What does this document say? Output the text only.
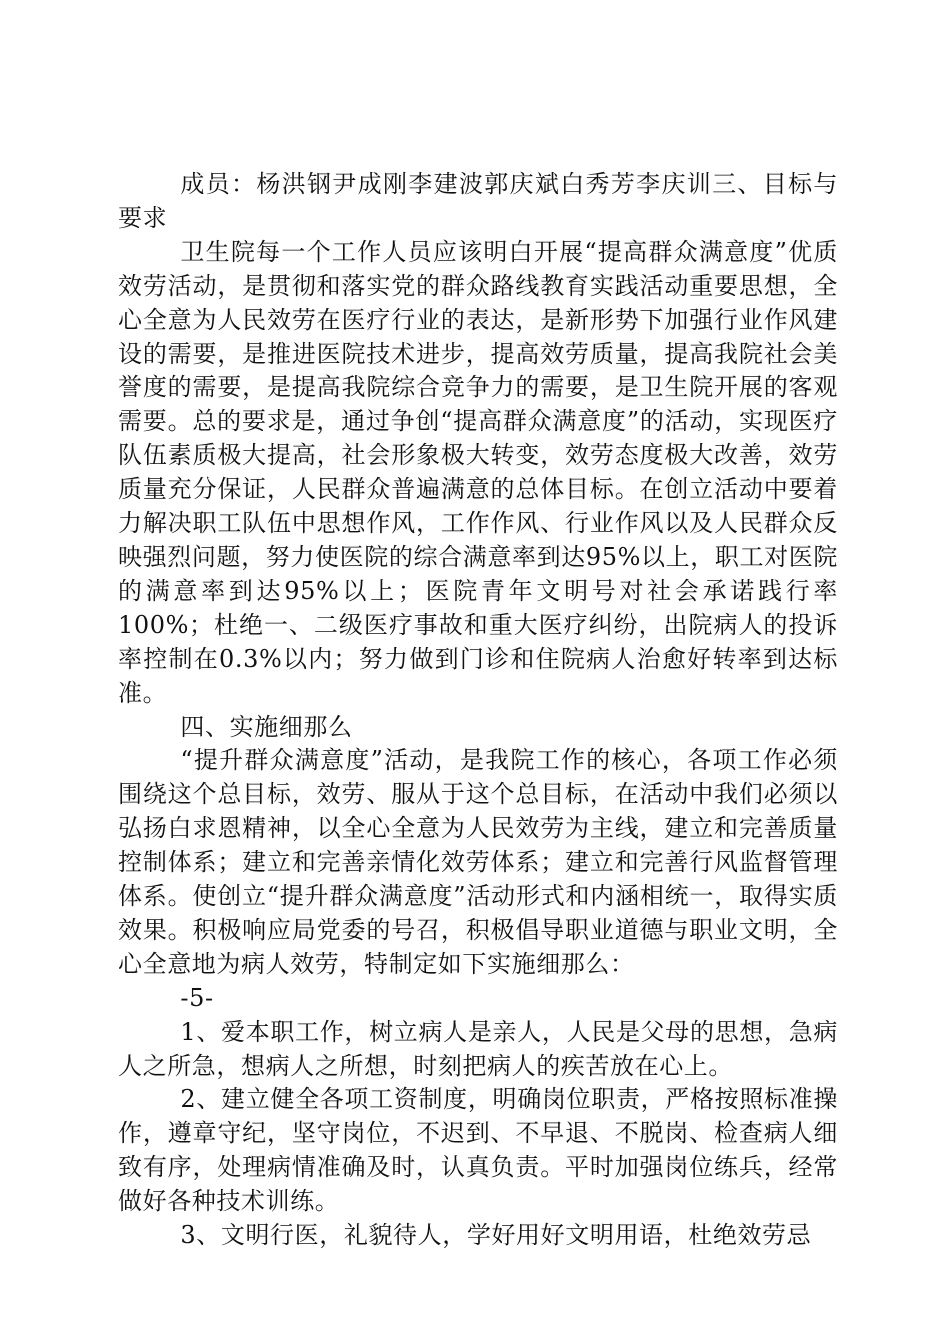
成员：杨洪钢尹成刚李建波郭庆斌白秀芳李庆训三、目标与要求

卫生院每一个工作人员应该明白开展“提高群众满意度”优质效劳活动，是贯彻和落实党的群众路线教育实践活动重要思想，全心全意为人民效劳在医疗行业的表达，是新形势下加强行业作风建设的需要，是推进医院技术进步，提高效劳质量，提高我院社会美誉度的需要，是提高我院综合竞争力的需要，是卫生院开展的客观需要。总的要求是，通过争创“提高群众满意度”的活动，实现医疗队伍素质极大提高，社会形象极大转变，效劳态度极大改善，效劳质量充分保证，人民群众普遍满意的总体目标。在创立活动中要着力解决职工队伍中思想作风，工作作风、行业作风以及人民群众反映强烈问题，努力使医院的综合满意率到达95%以上，职工对医院的满意率到达95%以上；医院青年文明号对社会承诺践行率100%；杜绝一、二级医疗事故和重大医疗纠纷，出院病人的投诉率控制在0.3%以内；努力做到门诊和住院病人治愈好转率到达标准。

四、实施细那么

“提升群众满意度”活动，是我院工作的核心，各项工作必须围绕这个总目标，效劳、服从于这个总目标，在活动中我们必须以弘扬白求恩精神，以全心全意为人民效劳为主线，建立和完善质量控制体系；建立和完善亲情化效劳体系；建立和完善行风监督管理体系。使创立“提升群众满意度”活动形式和内涵相统一，取得实质效果。积极响应局党委的号召，积极倡导职业道德与职业文明，全心全意地为病人效劳，特制定如下实施细那么：

-5-

1、爱本职工作，树立病人是亲人，人民是父母的思想，急病人之所急，想病人之所想，时刻把病人的疾苦放在心上。

2、建立健全各项工资制度，明确岗位职责，严格按照标准操作，遵章守纪，坚守岗位，不迟到、不早退、不脱岗、检查病人细致有序，处理病情准确及时，认真负责。平时加强岗位练兵，经常做好各种技术训练。

3、文明行医，礼貌待人，学好用好文明用语，杜绝效劳忌
